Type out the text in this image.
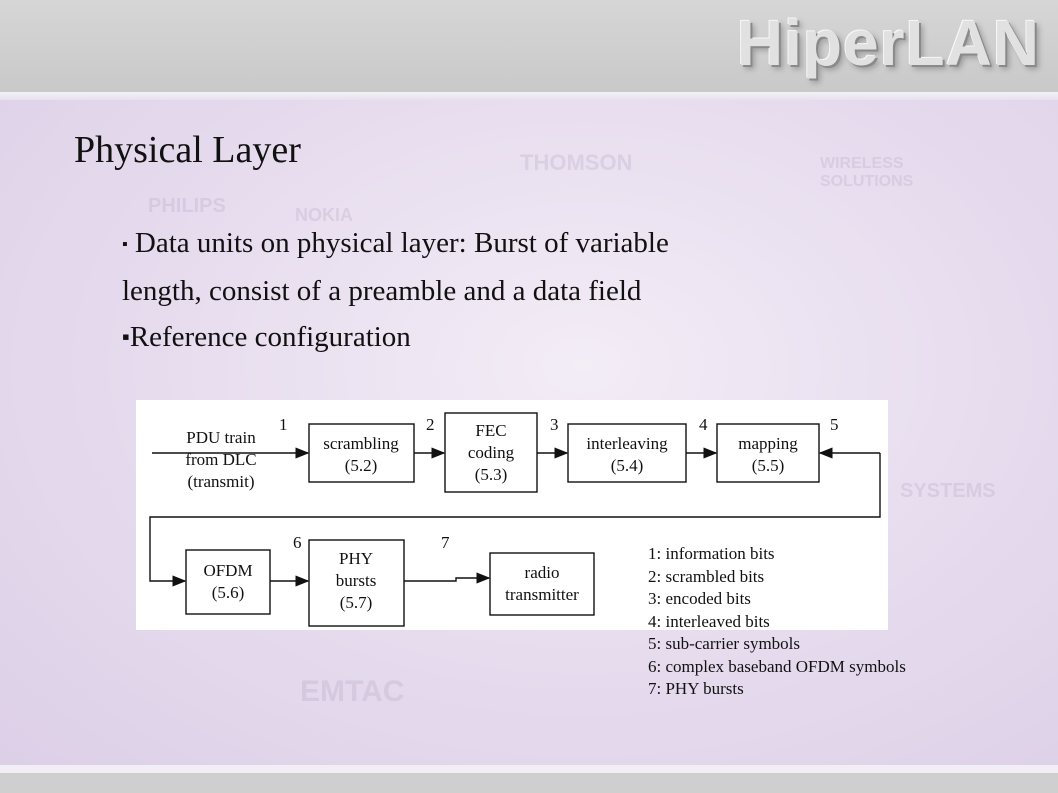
HiperLAN
THOMSON
PHILIPS	NOKIA
WIRELESS SOLUTIONS
SYSTEMS
EMTAC
Physical Layer

▪ Data units on physical layer: Burst of variable

length, consist of a preamble and a data field

▪Reference configuration

PDU train
from DLC
(transmit)
scrambling
(5.2)
FEC
coding
(5.3)
interleaving
(5.4)
mapping
(5.5)
OFDM
(5.6)
PHY
bursts
(5.7)
radio
transmitter
1	2	3	4	5
6	7
1: information bits
2: scrambled bits
3: encoded bits
4: interleaved bits
5: sub-carrier symbols
6: complex baseband OFDM symbols
7: PHY bursts
